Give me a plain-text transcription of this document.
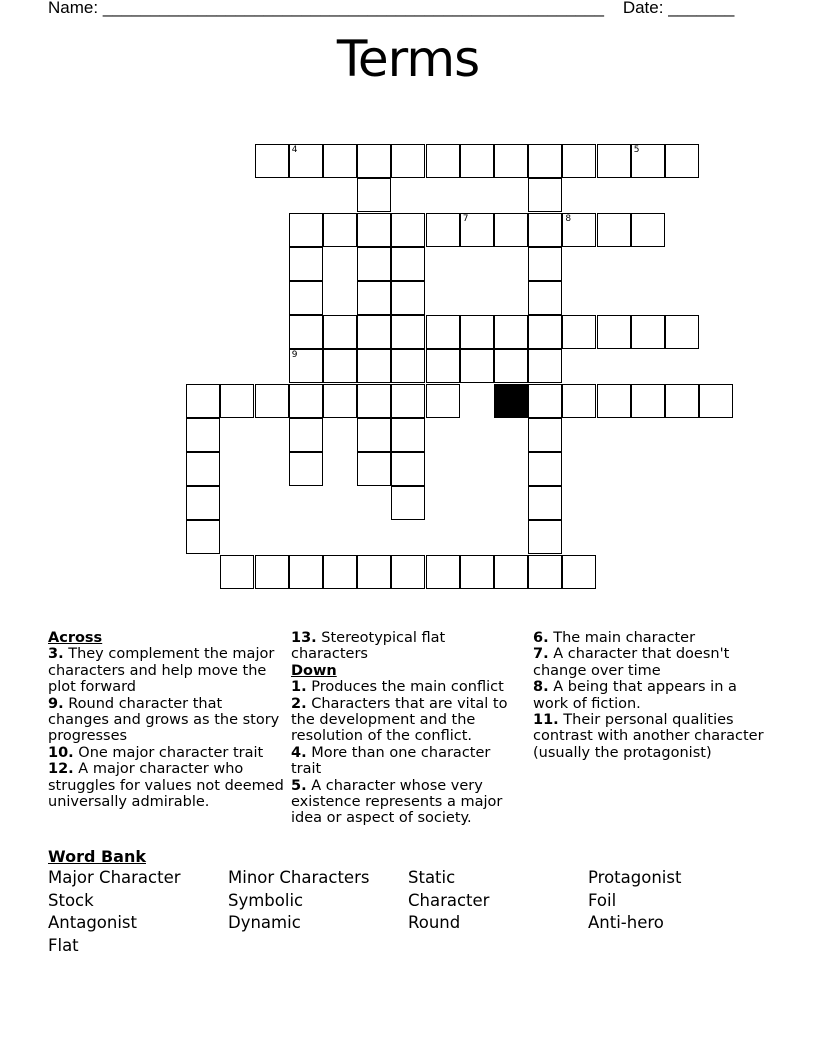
Name: _____________________________________________________ Date: _______
Terms
9
7	8
4	5
Across

3. They complement the major characters and help move the plot forward

9. Round character that changes and grows as the story progresses

10. One major character trait

12. A major character who struggles for values not deemed universally admirable.

13. Stereotypical flat characters

Down

1. Produces the main conflict

2. Characters that are vital to the development and the resolution of the conflict.

4. More than one character trait

5. A character whose very existence represents a major idea or aspect of society.

6. The main character

7. A character that doesn't change over time

8. A being that appears in a work of fiction.

11. Their personal qualities contrast with another character (usually the protagonist)

Word Bank
Major Character	Minor Characters	Static	Protagonist
Stock	Symbolic	Character	Foil
Antagonist	Dynamic	Round	Anti-hero
Flat
